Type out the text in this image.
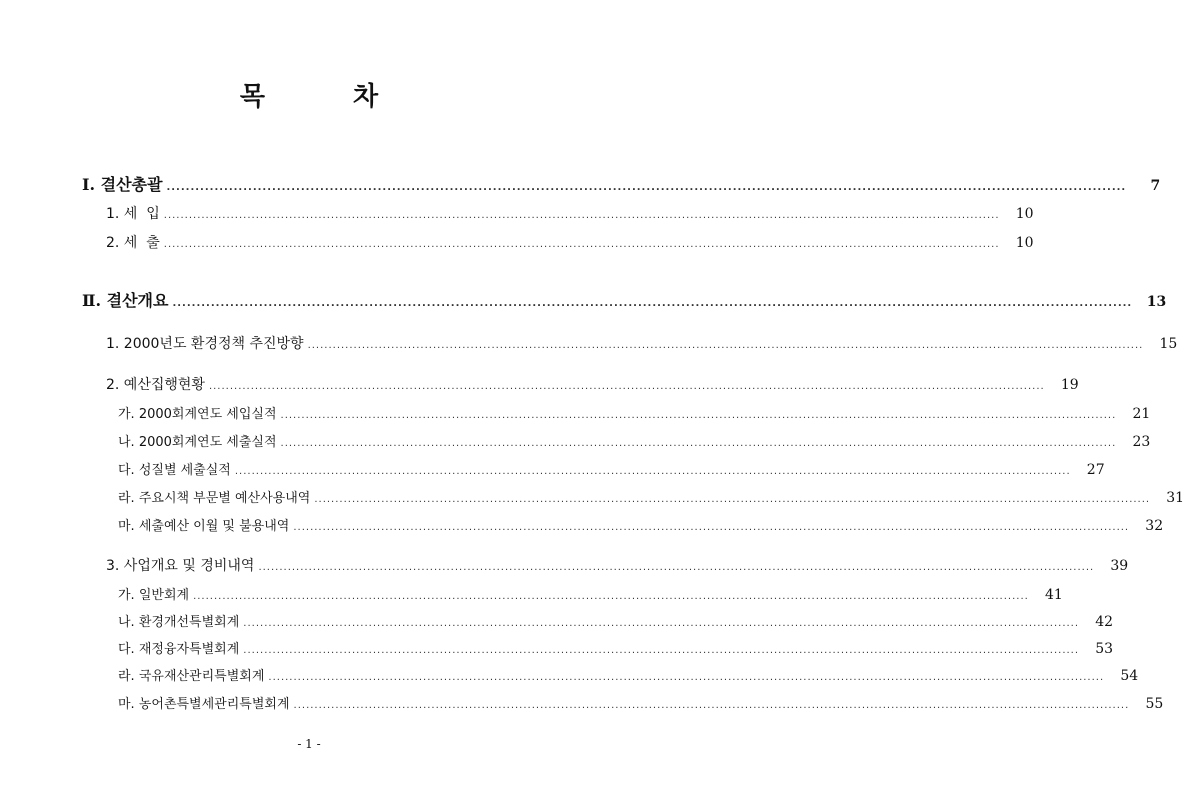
목	차
Ⅰ. 결산총괄 ........................................................................................................................................................................................................	7
1. 세  입 ........................................................................................................................................................................................................	10
2. 세  출 ........................................................................................................................................................................................................	10
Ⅱ. 결산개요 ........................................................................................................................................................................................................	13
1. 2000년도 환경정책 추진방향 ........................................................................................................................................................................................................	15
2. 예산집행현황 ........................................................................................................................................................................................................	19
가. 2000회계연도 세입실적 ........................................................................................................................................................................................................	21
나. 2000회계연도 세출실적 ........................................................................................................................................................................................................	23
다. 성질별 세출실적 ........................................................................................................................................................................................................	27
라. 주요시책 부문별 예산사용내역 ........................................................................................................................................................................................................	31
마. 세출예산 이월 및 불용내역 ........................................................................................................................................................................................................	32
3. 사업개요 및 경비내역 ........................................................................................................................................................................................................	39
가. 일반회계 ........................................................................................................................................................................................................	41
나. 환경개선특별회계 ........................................................................................................................................................................................................	42
다. 재정융자특별회계 ........................................................................................................................................................................................................	53
라. 국유재산관리특별회계 ........................................................................................................................................................................................................	54
마. 농어촌특별세관리특별회계 ........................................................................................................................................................................................................	55
- 1 -
